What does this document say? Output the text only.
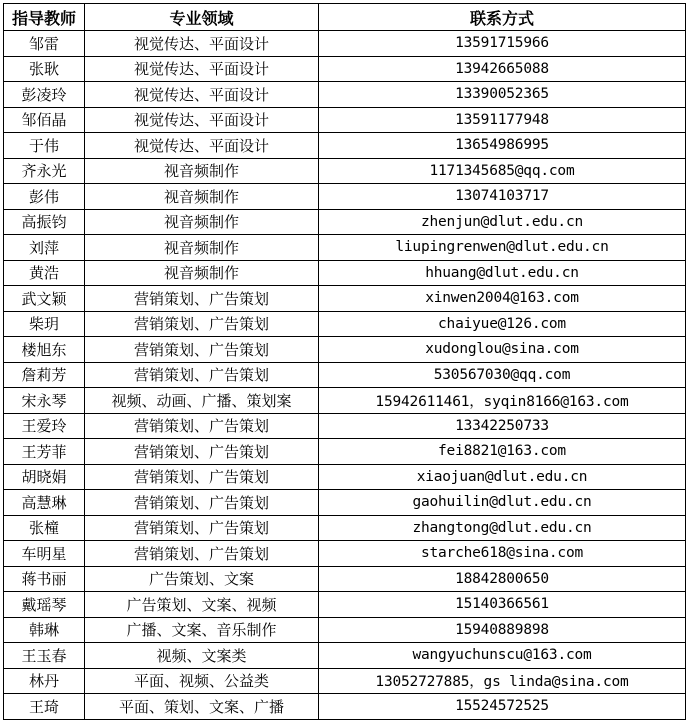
指导教师	专业领域	联系方式
邹雷	视觉传达、平面设计	13591715966
张耿	视觉传达、平面设计	13942665088
彭凌玲	视觉传达、平面设计	13390052365
邹佰晶	视觉传达、平面设计	13591177948
于伟	视觉传达、平面设计	13654986995
齐永光	视音频制作	1171345685@qq.com
彭伟	视音频制作	13074103717
高振钧	视音频制作	zhenjun@dlut.edu.cn
刘萍	视音频制作	liupingrenwen@dlut.edu.cn
黄浩	视音频制作	hhuang@dlut.edu.cn
武文颖	营销策划、广告策划	xinwen2004@163.com
柴玥	营销策划、广告策划	chaiyue@126.com
楼旭东	营销策划、广告策划	xudonglou@sina.com
詹莉芳	营销策划、广告策划	530567030@qq.com
宋永琴	视频、动画、广播、策划案	15942611461，syqin8166@163.com
王爱玲	营销策划、广告策划	13342250733
王芳菲	营销策划、广告策划	fei8821@163.com
胡晓娟	营销策划、广告策划	xiaojuan@dlut.edu.cn
高慧琳	营销策划、广告策划	gaohuilin@dlut.edu.cn
张橦	营销策划、广告策划	zhangtong@dlut.edu.cn
车明星	营销策划、广告策划	starche618@sina.com
蒋书丽	广告策划、文案	18842800650
戴瑶琴	广告策划、文案、视频	15140366561
韩琳	广播、文案、音乐制作	15940889898
王玉春	视频、文案类	wangyuchunscu@163.com
林丹	平面、视频、公益类	13052727885，gs linda@sina.com
王琦	平面、策划、文案、广播	15524572525
